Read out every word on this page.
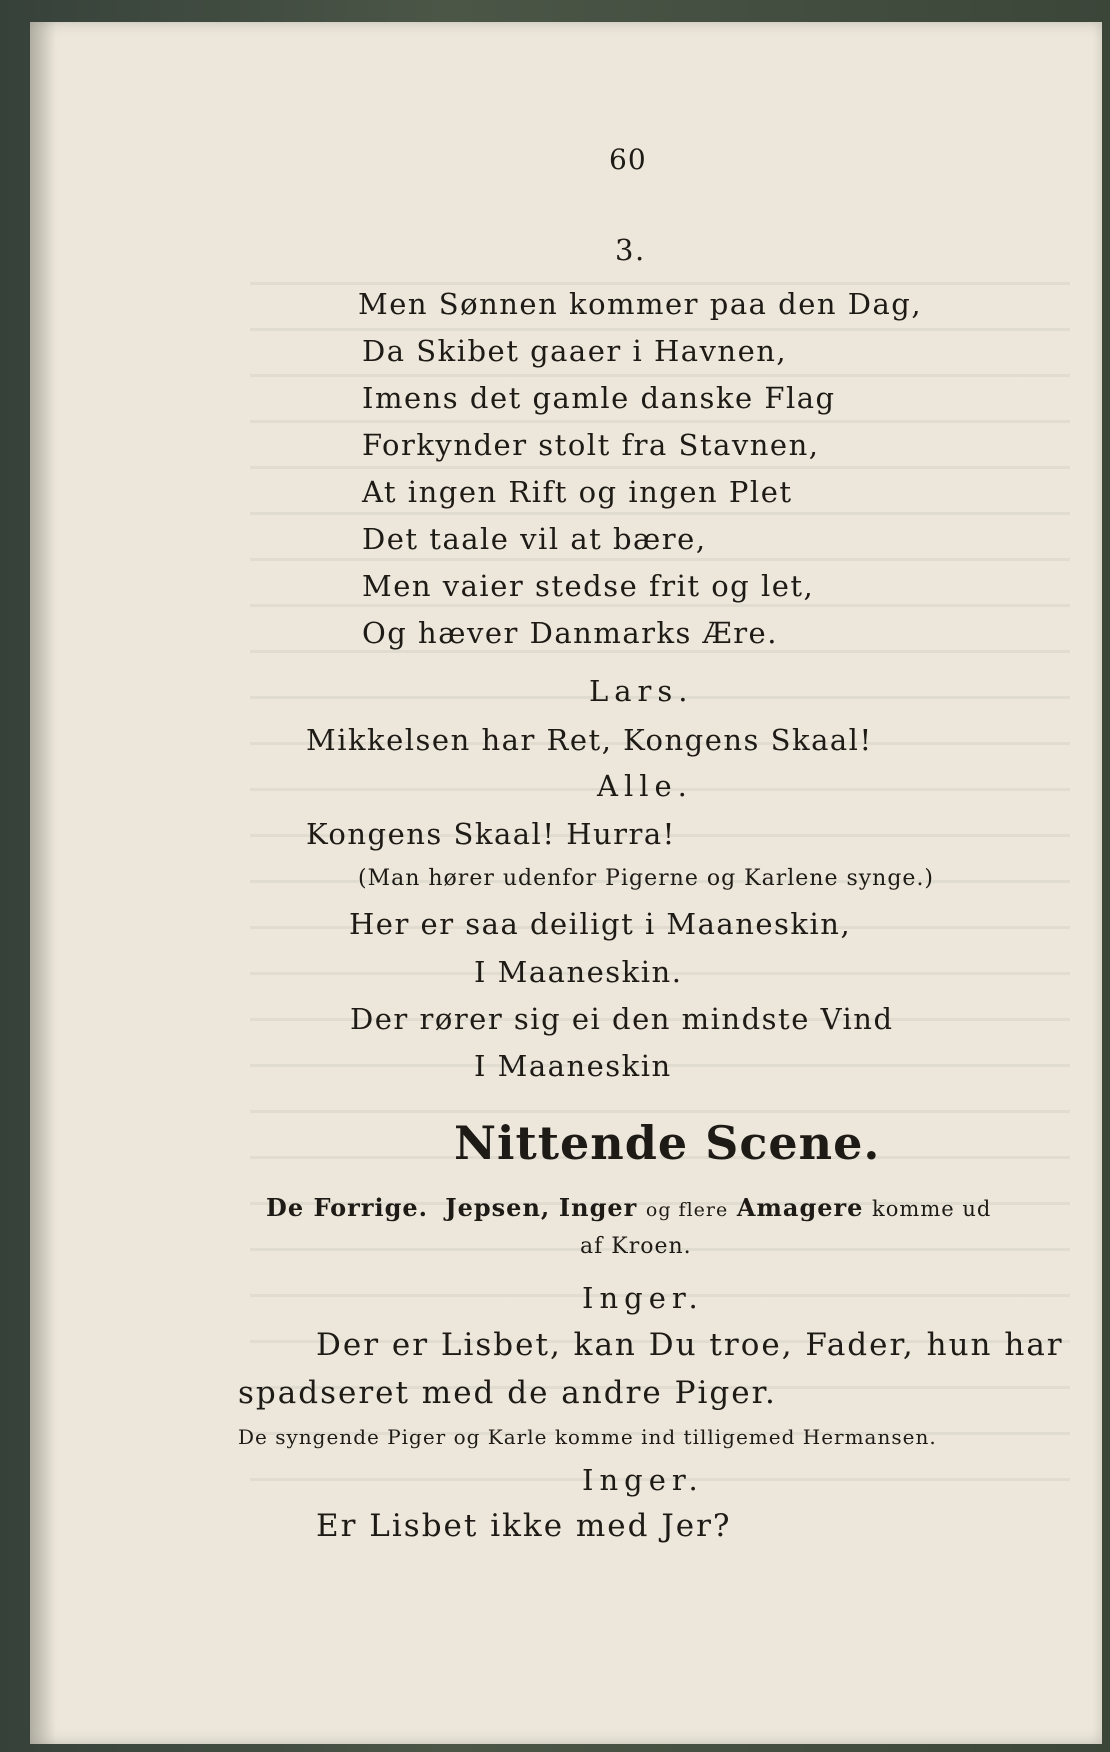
60
3.
Men Sønnen kommer paa den Dag,
Da Skibet gaaer i Havnen,
Imens det gamle danske Flag
Forkynder stolt fra Stavnen,
At ingen Rift og ingen Plet
Det taale vil at bære,
Men vaier stedse frit og let,
Og hæver Danmarks Ære.
Lars.
Mikkelsen har Ret, Kongens Skaal!
Alle.
Kongens Skaal! Hurra!
(Man hører udenfor Pigerne og Karlene synge.)
Her er saa deiligt i Maaneskin,
I Maaneskin.
Der rører sig ei den mindste Vind
I Maaneskin
Nittende Scene.
De Forrige. Jepsen, Inger og flere Amagere komme ud
af Kroen.
Inger.
Der er Lisbet, kan Du troe, Fader, hun har
spadseret med de andre Piger.
De syngende Piger og Karle komme ind tilligemed Hermansen.
Inger.
Er Lisbet ikke med Jer?
